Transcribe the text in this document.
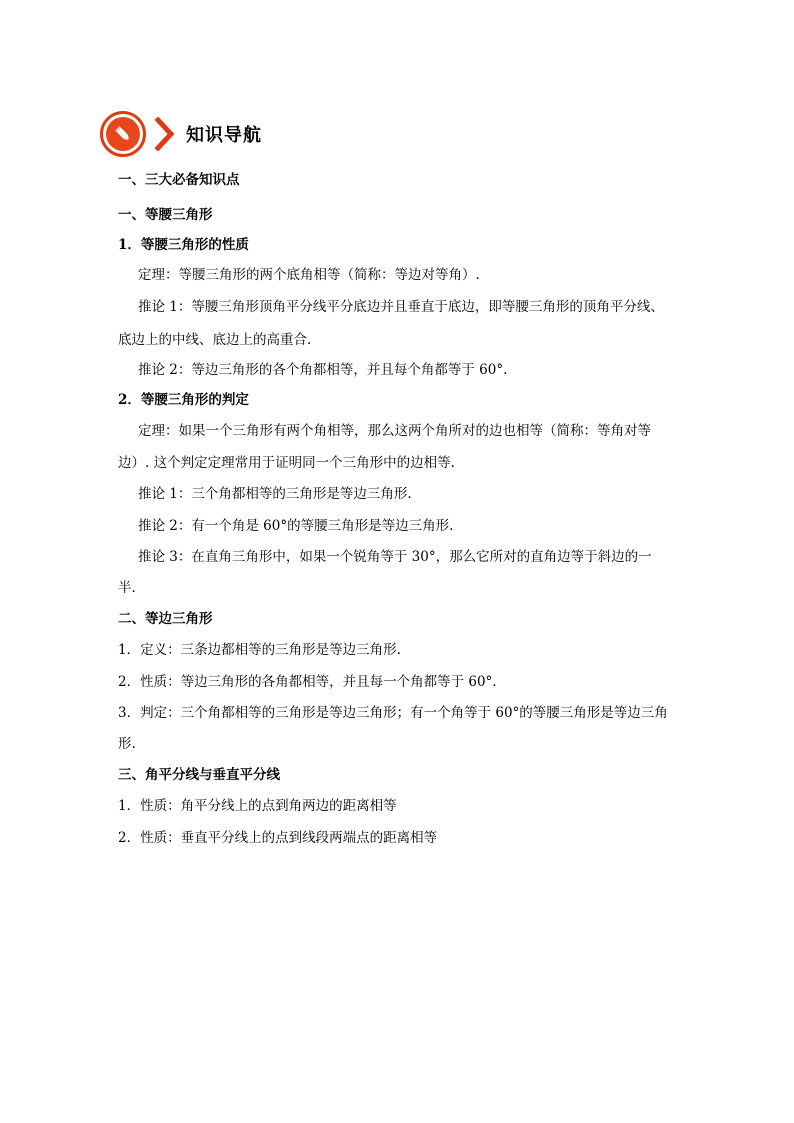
知识导航
一、三大必备知识点
一、等腰三角形
1．等腰三角形的性质
定理：等腰三角形的两个底角相等（简称：等边对等角）.
推论 1：等腰三角形顶角平分线平分底边并且垂直于底边，即等腰三角形的顶角平分线、
底边上的中线、底边上的高重合.
推论 2：等边三角形的各个角都相等，并且每个角都等于 60°.
2．等腰三角形的判定
定理：如果一个三角形有两个角相等，那么这两个角所对的边也相等（简称：等角对等
边）. 这个判定定理常用于证明同一个三角形中的边相等.
推论 1：三个角都相等的三角形是等边三角形.
推论 2：有一个角是 60°的等腰三角形是等边三角形.
推论 3：在直角三角形中，如果一个锐角等于 30°，那么它所对的直角边等于斜边的一
半.
二、等边三角形
1．定义：三条边都相等的三角形是等边三角形.
2．性质：等边三角形的各角都相等，并且每一个角都等于 60°.
3．判定：三个角都相等的三角形是等边三角形；有一个角等于 60°的等腰三角形是等边三角
形.
三、角平分线与垂直平分线
1．性质：角平分线上的点到角两边的距离相等
2．性质：垂直平分线上的点到线段两端点的距离相等
